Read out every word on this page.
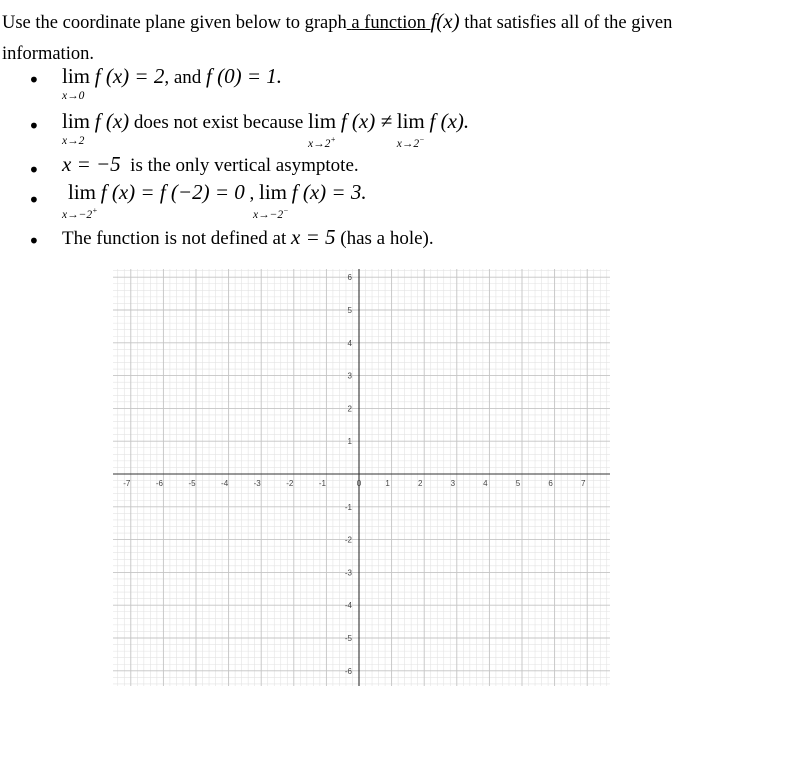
Use the coordinate plane given below to graph a function f(x) that satisfies all of the given
information.
•	lim
x→0
f (x) = 2, and f (0) = 1.
•	lim
x→2
f (x) does not exist because lim
x→2+
f (x) ≠ lim
x→2−
f (x).
•	x = −5 is the only vertical asymptote.
•	lim
x→−2+
f (x) = f (−2) = 0 , lim
x→−2−
f (x) = 3.
•	The function is not defined at x = 5 (has a hole).
-7	-6	-5	-4	-3	-2	-1	0	1	2	3	4	5	6	7
1
2
3
4
5
6
-1
-2
-3
-4
-5
-6
